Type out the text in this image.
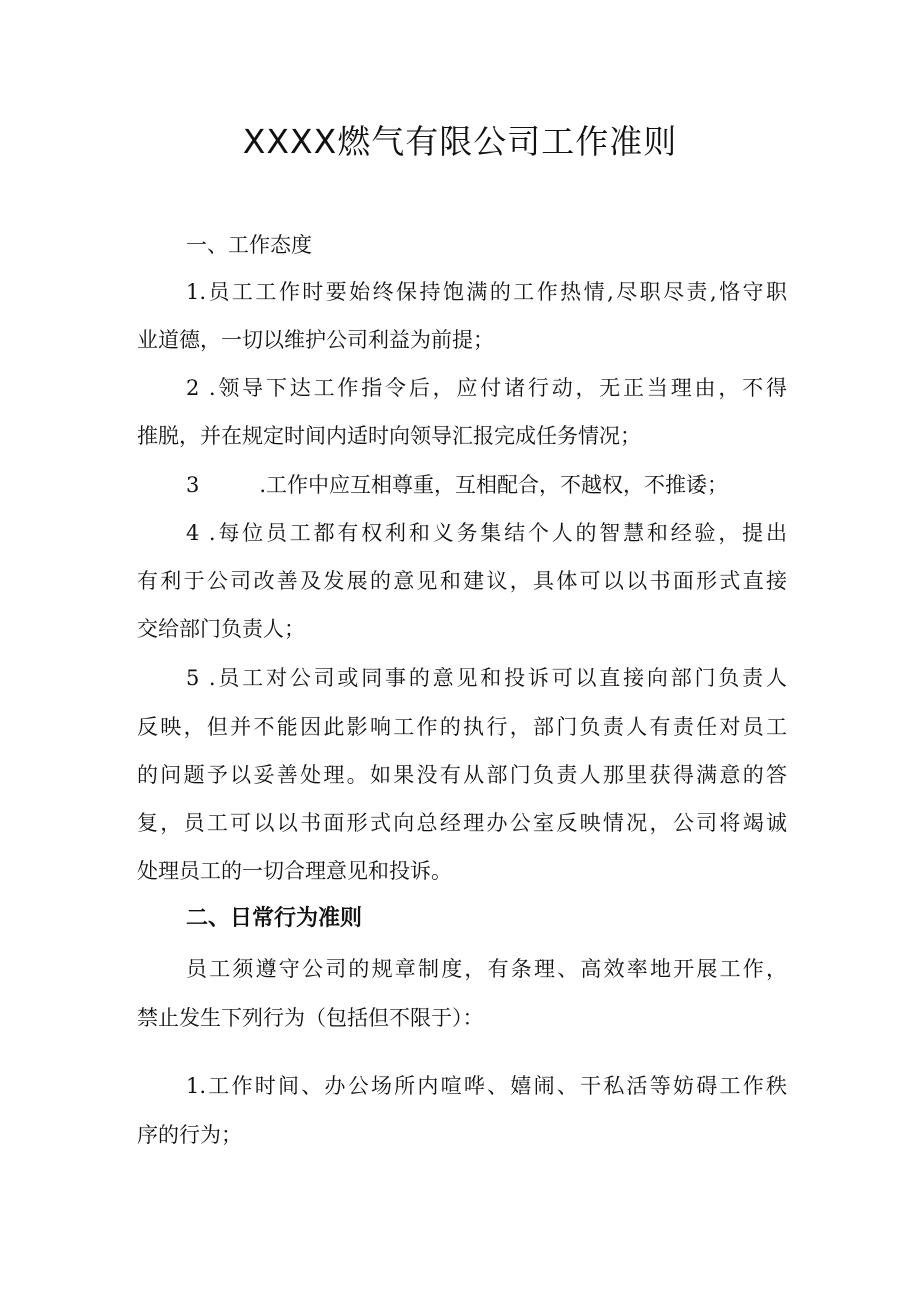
XXXX燃气有限公司工作准则

一、工作态度

1.员工工作时要始终保持饱满的工作热情,尽职尽责,恪守职

业道德，一切以维护公司利益为前提；

2 .领导下达工作指令后，应付诸行动，无正当理由，不得

推脱，并在规定时间内适时向领导汇报完成任务情况；

3	.工作中应互相尊重，互相配合，不越权，不推诿；

4 .每位员工都有权利和义务集结个人的智慧和经验，提出

有利于公司改善及发展的意见和建议，具体可以以书面形式直接

交给部门负责人；

5 .员工对公司或同事的意见和投诉可以直接向部门负责人

反映，但并不能因此影响工作的执行，部门负责人有责任对员工

的问题予以妥善处理。如果没有从部门负责人那里获得满意的答

复，员工可以以书面形式向总经理办公室反映情况，公司将竭诚

处理员工的一切合理意见和投诉。

二、日常行为准则

员工须遵守公司的规章制度，有条理、高效率地开展工作，

禁止发生下列行为（包括但不限于）：

1.工作时间、办公场所内喧哗、嬉闹、干私活等妨碍工作秩

序的行为；
